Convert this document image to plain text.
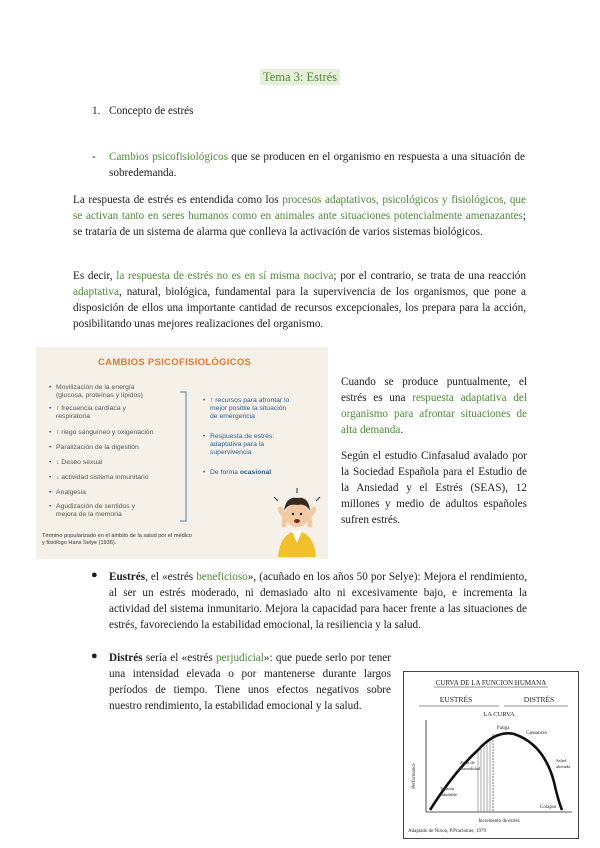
Tema 3: Estrés
1. Concepto de estrés
- Cambios psicofisiológicos que se producen en el organismo en respuesta a una situación de sobredemanda.
La respuesta de estrés es entendida como los procesos adaptativos, psicológicos y fisiológicos, que se activan tanto en seres humanos como en animales ante situaciones potencialmente amenazantes; se trataría de un sistema de alarma que conlleva la activación de varios sistemas biológicos.
Es decir, la respuesta de estrés no es en sí misma nociva; por el contrario, se trata de una reacción adaptativa, natural, biológica, fundamental para la supervivencia de los organismos, que pone a disposición de ellos una importante cantidad de recursos excepcionales, los prepara para la acción, posibilitando unas mejores realizaciones del organismo.
CAMBIOS PSICOFISIOLÓGICOS
• Movilización de la energía
(glucosa, proteínas y lípidos)
• ↑ frecuencia cardíaca y
respiratoria
• ↑ riego sanguíneo y oxigenación
• Paralización de la digestión
• ↓ Deseo sexual
• ↓ actividad sistema inmunitario
• Analgesia
• Agudización de sentidos y
mejora de la memoria
• ↑ recursos para afrontar lo
mejor posible la situación
de emergencia
• Respuesta de estrés:
adaptativa para la
supervivencia
• De forma ocasional
Término popularizado en el ámbito de la salud por el médico
y fisiólogo Hans Selye (1936).
Cuando se produce puntualmente, el estrés es una respuesta adaptativa del organismo para afrontar situaciones de alta demanda.
Según el estudio Cinfasalud avalado por la Sociedad Española para el Estudio de la Ansiedad y el Estrés (SEAS), 12 millones y medio de adultos españoles sufren estrés.
● Eustrés, el «estrés beneficioso», (acuñado en los años 50 por Selye): Mejora el rendimiento, al ser un estrés moderado, ni demasiado alto ni excesivamente bajo, e incrementa la actividad del sistema inmunitario. Mejora la capacidad para hacer frente a las situaciones de estrés, favoreciendo la estabilidad emocional, la resiliencia y la salud.
● Distrés sería el «estrés perjudicial»: que puede serlo por tener una intensidad elevada o por mantenerse durante largos períodos de tiempo. Tiene unos efectos negativos sobre nuestro rendimiento, la estabilidad emocional y la salud.
CURVA DE LA FUNCION HUMANA
EUSTRÉS	DISTRÉS
LA CURVA
Performance
Incremento de estrés
Fatiga
Cansancio
Zona de
comodidad
Tensión
saludable
Salud
alterada
Colapso
Adaptado de Nixon, P.Practioner, 1979
